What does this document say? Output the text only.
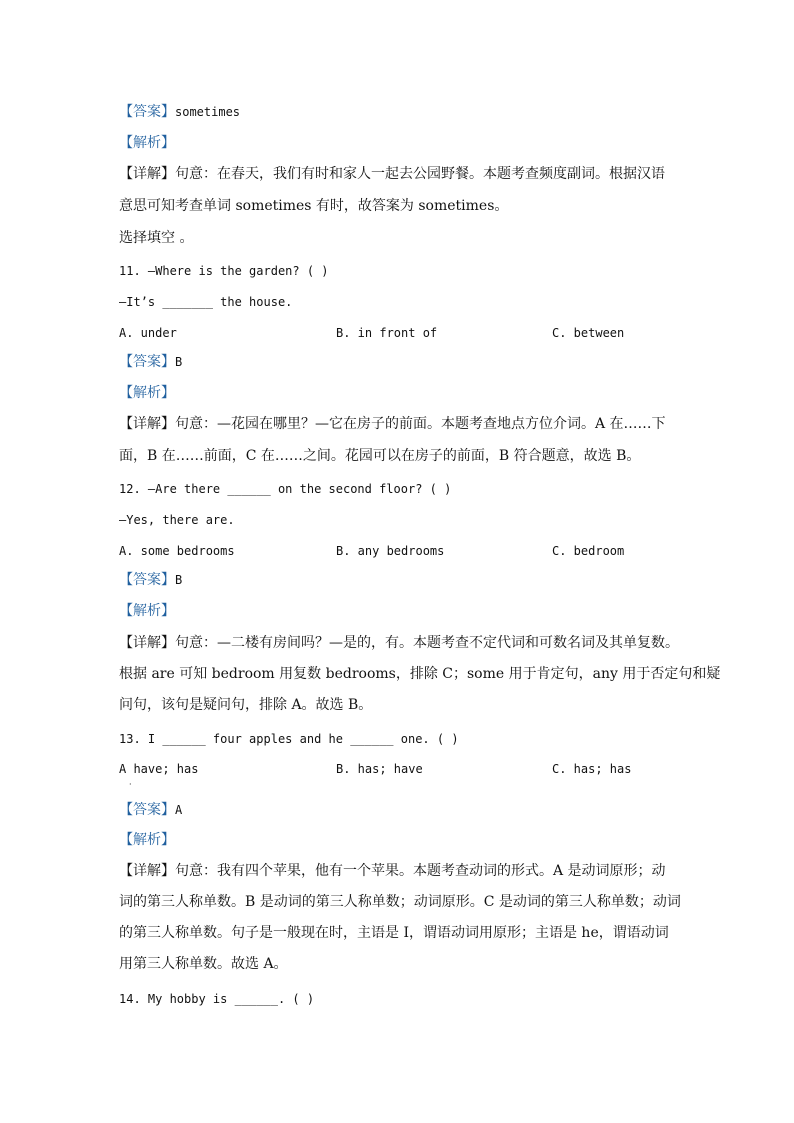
【答案】sometimes
【解析】
【详解】句意：在春天，我们有时和家人一起去公园野餐。本题考查频度副词。根据汉语
意思可知考查单词 sometimes 有时，故答案为 sometimes。
选择填空 。
11. —Where is the garden? ( )
—It’s _______ the house.
A. under	B. in front of	C. between
【答案】B
【解析】
【详解】句意：—花园在哪里？—它在房子的前面。本题考查地点方位介词。A 在……下
面，B 在……前面，C 在……之间。花园可以在房子的前面，B 符合题意，故选 B。
12. —Are there ______ on the second floor? ( )
—Yes, there are.
A. some bedrooms	B. any bedrooms	C. bedroom
【答案】B
【解析】
【详解】句意：—二楼有房间吗？—是的，有。本题考查不定代词和可数名词及其单复数。
根据 are 可知 bedroom 用复数 bedrooms，排除 C；some 用于肯定句，any 用于否定句和疑
问句，该句是疑问句，排除 A。故选 B。
13. I ______ four apples and he ______ one. ( )
A have; has	B. has; have	C. has; has
·
【答案】A
【解析】
【详解】句意：我有四个苹果，他有一个苹果。本题考查动词的形式。A 是动词原形；动
词的第三人称单数。B 是动词的第三人称单数；动词原形。C 是动词的第三人称单数；动词
的第三人称单数。句子是一般现在时，主语是 I，谓语动词用原形；主语是 he，谓语动词
用第三人称单数。故选 A。
14. My hobby is ______. ( )
